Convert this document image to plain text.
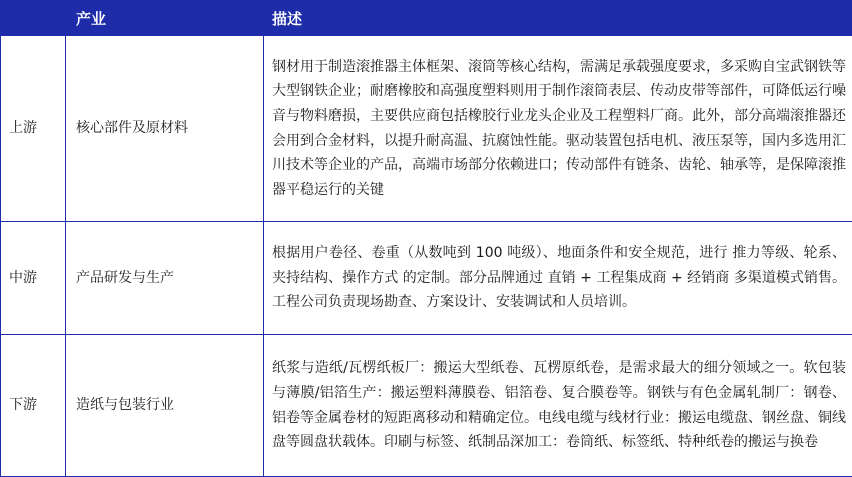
	产业	描述
上游	核心部件及原材料	钢材用于制造滚推器主体框架、滚筒等核心结构，需满足承载强度要求，多采购自宝武钢铁等大型钢铁企业；耐磨橡胶和高强度塑料则用于制作滚筒表层、传动皮带等部件，可降低运行噪音与物料磨损，主要供应商包括橡胶行业龙头企业及工程塑料厂商。此外，部分高端滚推器还会用到合金材料，以提升耐高温、抗腐蚀性能。驱动装置包括电机、液压泵等，国内多选用汇川技术等企业的产品，高端市场部分依赖进口；传动部件有链条、齿轮、轴承等，是保障滚推器平稳运行的关键
中游	产品研发与生产	根据用户卷径、卷重（从数吨到 100 吨级）、地面条件和安全规范，进行 推力等级、轮系、夹持结构、操作方式 的定制。部分品牌通过 直销 + 工程集成商 + 经销商 多渠道模式销售。工程公司负责现场勘查、方案设计、安装调试和人员培训。
下游	造纸与包装行业	纸浆与造纸/瓦楞纸板厂：搬运大型纸卷、瓦楞原纸卷，是需求最大的细分领域之一。软包装与薄膜/铝箔生产：搬运塑料薄膜卷、铝箔卷、复合膜卷等。钢铁与有色金属轧制厂：钢卷、铝卷等金属卷材的短距离移动和精确定位。电线电缆与线材行业：搬运电缆盘、钢丝盘、铜线盘等圆盘状载体。印刷与标签、纸制品深加工：卷筒纸、标签纸、特种纸卷的搬运与换卷
